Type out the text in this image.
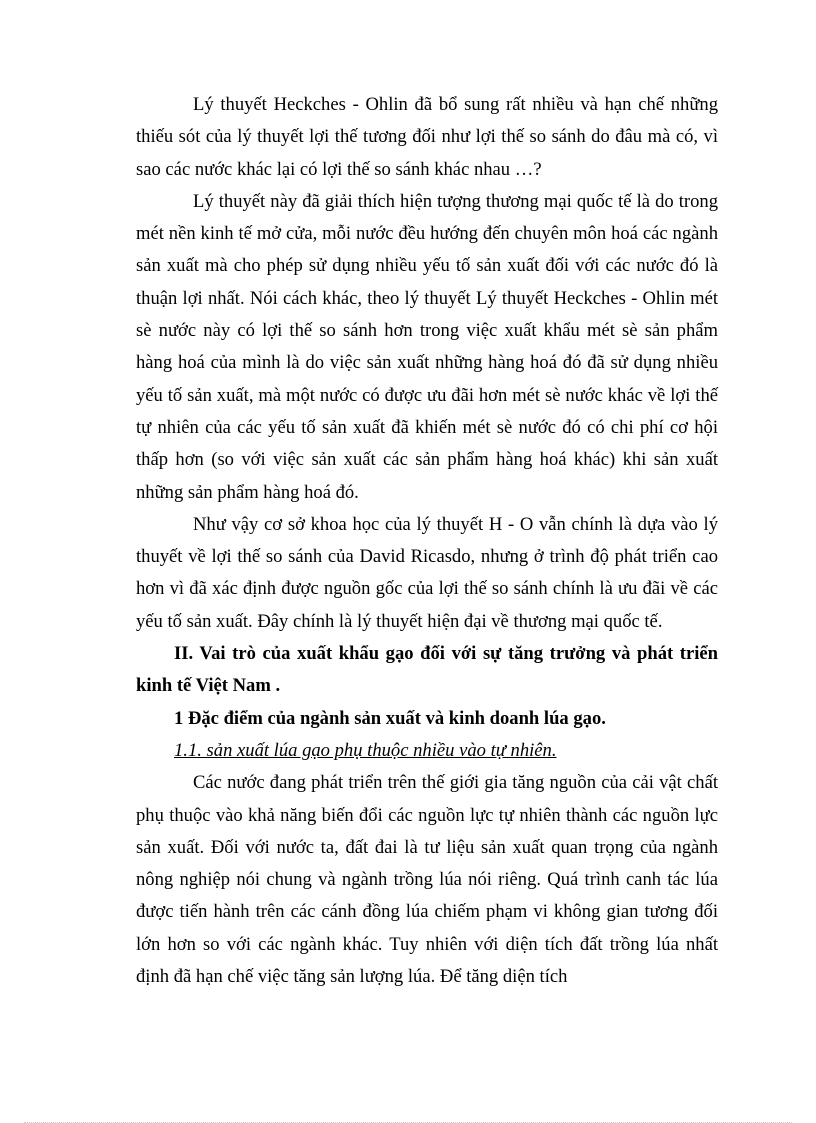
Lý thuyết Heckches - Ohlin đã bổ sung rất nhiều và hạn chế những thiếu sót của lý thuyết lợi thế tương đối như lợi thế so sánh do đâu mà có, vì sao các nước khác lại có lợi thế so sánh khác nhau …?

Lý thuyết này đã giải thích hiện tượng thương mại quốc tế là do trong mét nền kinh tế mở cửa, mỗi nước đều hướng đến chuyên môn hoá các ngành sản xuất mà cho phép sử dụng nhiều yếu tố sản xuất đối với các nước đó là thuận lợi nhất. Nói cách khác, theo lý thuyết Lý thuyết Heckches - Ohlin mét sè nước này có lợi thế so sánh hơn trong việc xuất khẩu mét sè sản phẩm hàng hoá của mình là do việc sản xuất những hàng hoá đó đã sử dụng nhiều yếu tố sản xuất, mà một nước có được ưu đãi hơn mét sè nước khác về lợi thế tự nhiên của các yếu tố sản xuất đã khiến mét sè nước đó có chi phí cơ hội thấp hơn (so với việc sản xuất các sản phẩm hàng hoá khác) khi sản xuất những sản phẩm hàng hoá đó.

Như vậy cơ sở khoa học của lý thuyết H - O vẫn chính là dựa vào lý thuyết về lợi thế so sánh của David Ricasdo, nhưng ở trình độ phát triển cao hơn vì đã xác định được nguồn gốc của lợi thế so sánh chính là ưu đãi về các yếu tố sản xuất. Đây chính là lý thuyết hiện đại về thương mại quốc tế.

II. Vai trò của xuất khẩu gạo đối với sự tăng trưởng và phát triển kinh tế Việt Nam .

1 Đặc điểm của ngành sản xuất và kinh doanh lúa gạo.

1.1. sản xuất lúa gạo phụ thuộc nhiều vào tự nhiên.

Các nước đang phát triển trên thế giới gia tăng nguồn của cải vật chất phụ thuộc vào khả năng biến đổi các nguồn lực tự nhiên thành các nguồn lực sản xuất. Đối với nước ta, đất đai là tư liệu sản xuất quan trọng của ngành nông nghiệp nói chung và ngành trồng lúa nói riêng. Quá trình canh tác lúa được tiến hành trên các cánh đồng lúa chiếm phạm vi không gian tương đối lớn hơn so với các ngành khác. Tuy nhiên với diện tích đất trồng lúa nhất định đã hạn chế việc tăng sản lượng lúa. Để tăng diện tích
